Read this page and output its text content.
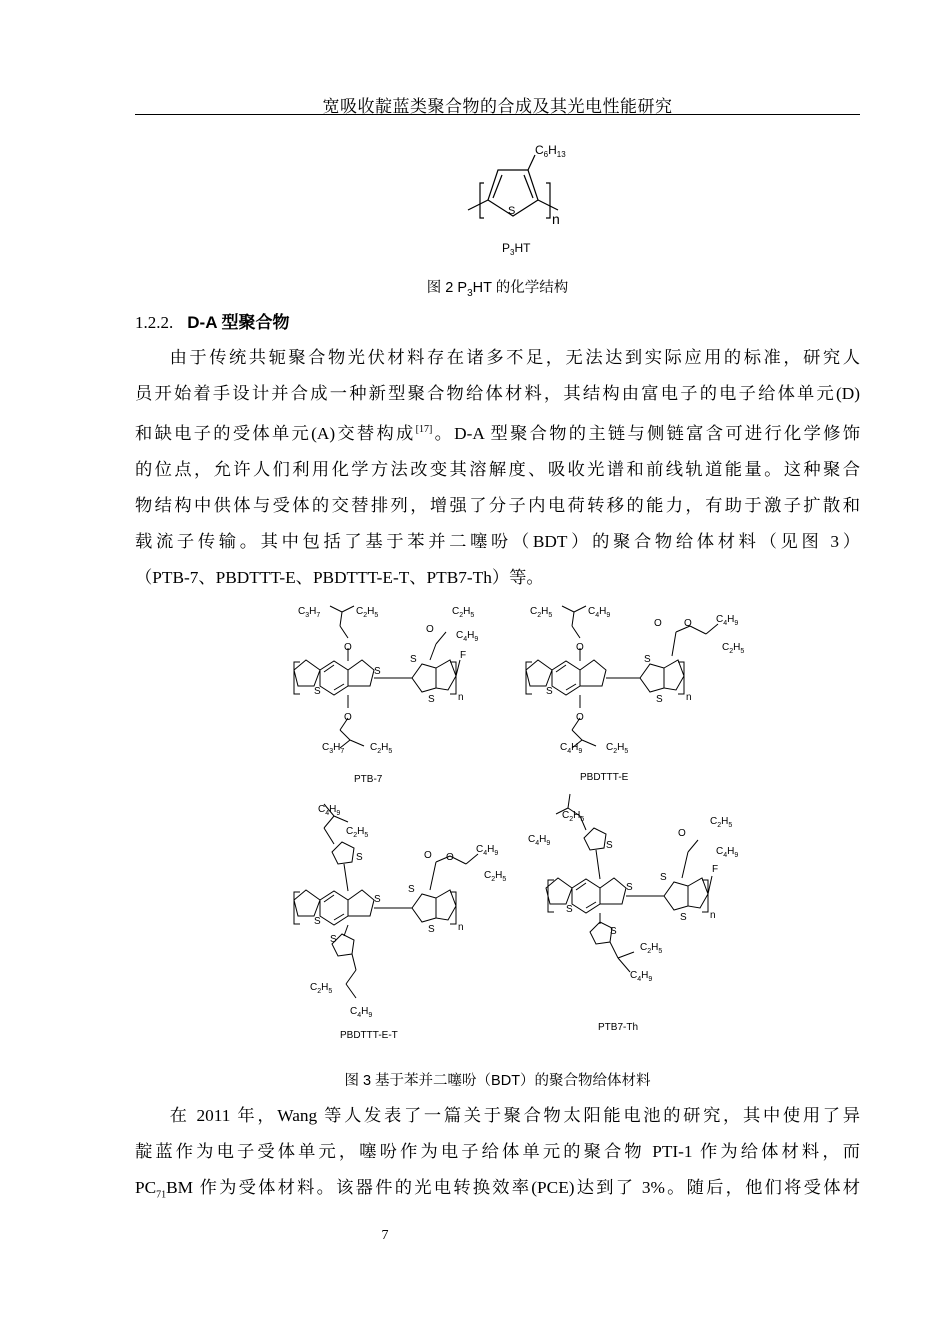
宽吸收靛蓝类聚合物的合成及其光电性能研究
$C_6H_{13}$
S	n
$P_3HT$
图 2 $P_3HT$ 的化学结构
1.2.2. D-A 型聚合物
由于传统共轭聚合物光伏材料存在诸多不足，无法达到实际应用的标准，研究人
员开始着手设计并合成一种新型聚合物给体材料，其结构由富电子的电子给体单元(D)
和缺电子的受体单元(A)交替构成[17]。D-A 型聚合物的主链与侧链富含可进行化学修饰
的位点，允许人们利用化学方法改变其溶解度、吸收光谱和前线轨道能量。这种聚合
物结构中供体与受体的交替排列，增强了分子内电荷转移的能力，有助于激子扩散和
载流子传输。其中包括了基于苯并二噻吩（BDT）的聚合物给体材料（见图 3）
（PTB-7、PBDTTT-E、PBDTTT-E-T、PTB7-Th）等。
$C_3H_7$	$C_2H_5$
O
O
S
S
S
S
O
$C_2H_5$
$C_4H_9$
F
n
$C_3H_7$	$C_2H_5$
PTB-7
$C_2H_5$	$C_4H_9$
O
O
S
S
S
O O $C_4H_9$
$C_2H_5$
n
$C_4H_9$ $C_2H_5$
PBDTTT-E
$C_4H_9$
$C_2H_5$
S
S
S
S
S
S
O O
$C_4H_9$
$C_2H_5$
n
$C_2H_5$
$C_4H_9$
PBDTTT-E-T
$C_2H_5$
$C_4H_9$	S
S
S
S
S
S
O
$C_2H_5$
$C_4H_9$
F
n
$C_2H_5$
$C_4H_9$
PTB7-Th
图 3 基于苯并二噻吩（BDT）的聚合物给体材料
在 2011 年，Wang 等人发表了一篇关于聚合物太阳能电池的研究，其中使用了异
靛蓝作为电子受体单元，噻吩作为电子给体单元的聚合物 PTI-1 作为给体材料，而
$PC_{71}BM$ 作为受体材料。该器件的光电转换效率(PCE)达到了 3%。随后，他们将受体材
7
